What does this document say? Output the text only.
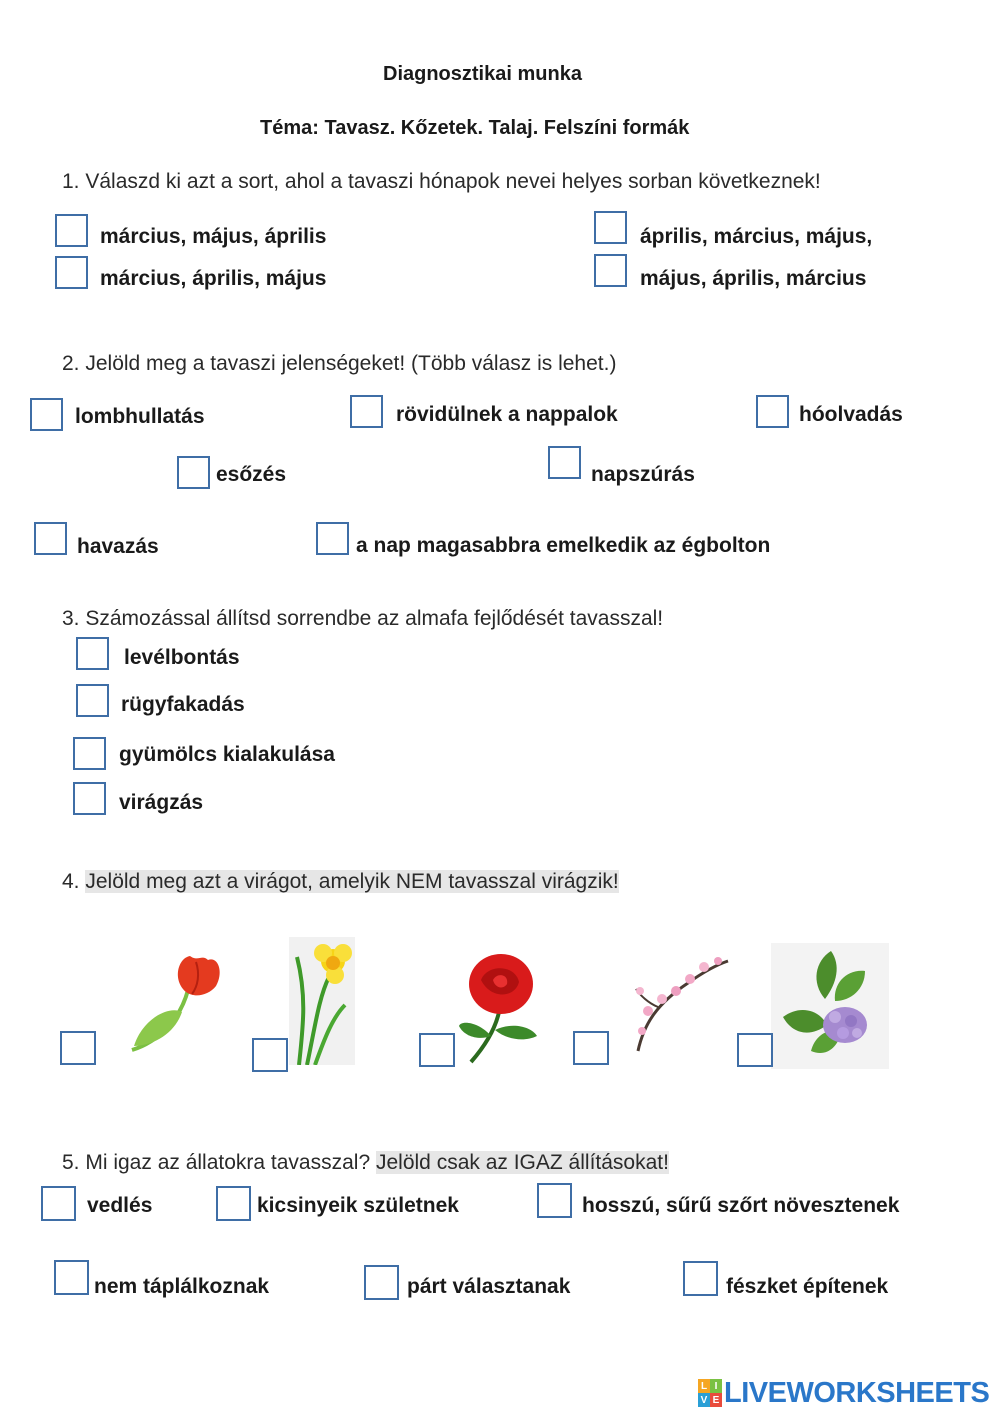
Diagnosztikai munka
Téma: Tavasz. Kőzetek. Talaj. Felszíni formák
1. Válaszd ki azt a sort, ahol a tavaszi hónapok nevei helyes sorban következnek!
március, május, április	április, március, május,
március, április, május	május, április, március
2. Jelöld meg a tavaszi jelenségeket! (Több válasz is lehet.)
lombhullatás	rövidülnek a nappalok	hóolvadás
esőzés	napszúrás
havazás	a nap magasabbra emelkedik az égbolton
3. Számozással állítsd sorrendbe az almafa fejlődését tavasszal!
levélbontás
rügyfakadás
gyümölcs kialakulása
virágzás
4. Jelöld meg azt a virágot, amelyik NEM tavasszal virágzik!
5. Mi igaz az állatokra tavasszal? Jelöld csak az IGAZ állításokat!
vedlés	kicsinyeik születnek	hosszú, sűrű szőrt növesztenek
nem táplálkoznak	párt választanak	fészket építenek
L I
V E LIVEWORKSHEETS
